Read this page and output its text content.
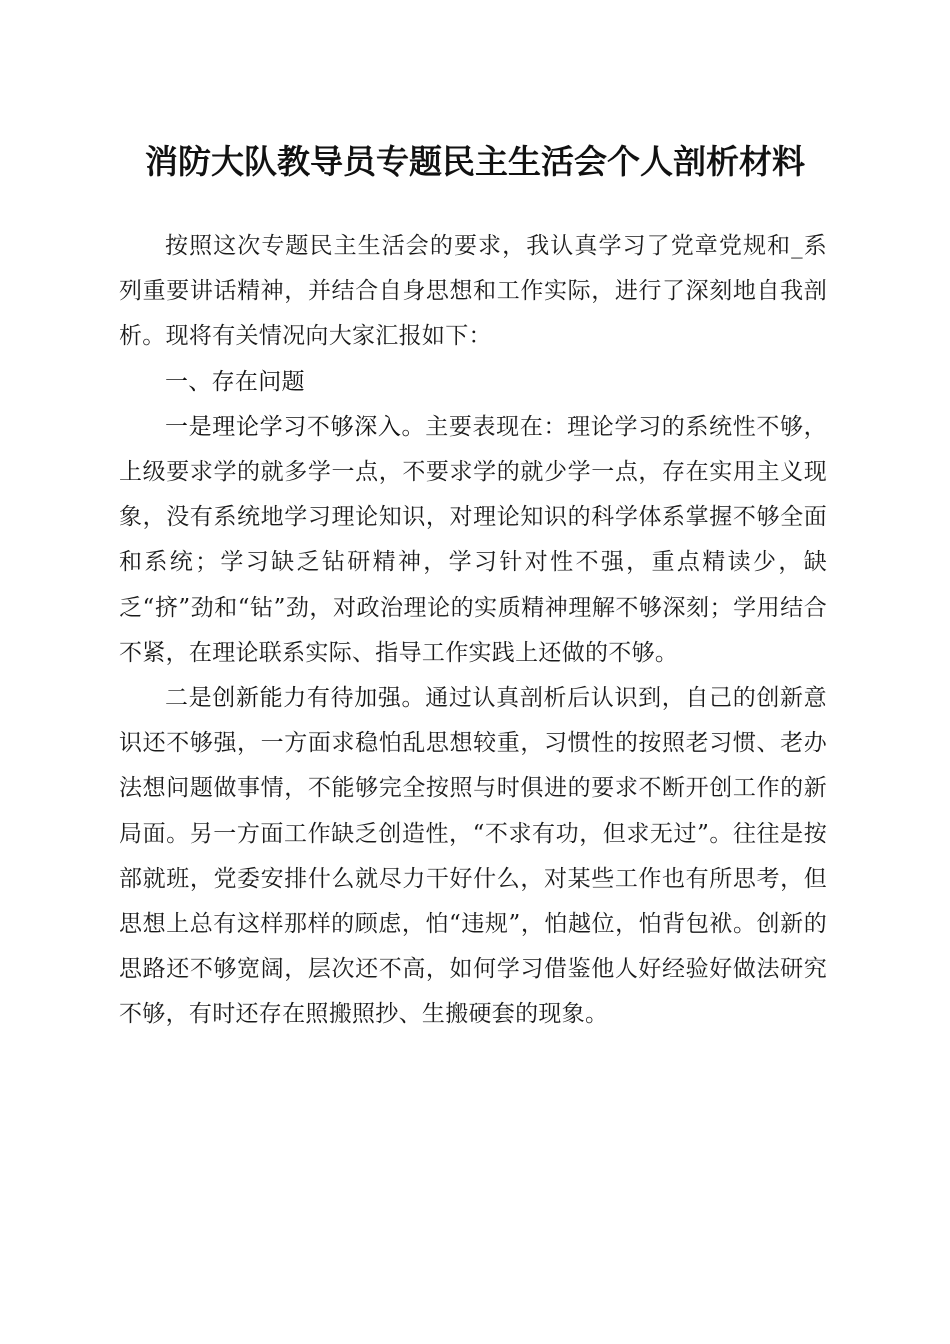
消防大队教导员专题民主生活会个人剖析材料

按照这次专题民主生活会的要求，我认真学习了党章党规和_系列重要讲话精神，并结合自身思想和工作实际，进行了深刻地自我剖析。现将有关情况向大家汇报如下：

一、存在问题

一是理论学习不够深入。主要表现在：理论学习的系统性不够，上级要求学的就多学一点，不要求学的就少学一点，存在实用主义现象，没有系统地学习理论知识，对理论知识的科学体系掌握不够全面和系统；学习缺乏钻研精神，学习针对性不强，重点精读少，缺乏“挤”劲和“钻”劲，对政治理论的实质精神理解不够深刻；学用结合不紧，在理论联系实际、指导工作实践上还做的不够。

二是创新能力有待加强。通过认真剖析后认识到，自己的创新意识还不够强，一方面求稳怕乱思想较重，习惯性的按照老习惯、老办法想问题做事情，不能够完全按照与时俱进的要求不断开创工作的新局面。另一方面工作缺乏创造性，“不求有功，但求无过”。往往是按部就班，党委安排什么就尽力干好什么，对某些工作也有所思考，但思想上总有这样那样的顾虑，怕“违规”，怕越位，怕背包袱。创新的思路还不够宽阔，层次还不高，如何学习借鉴他人好经验好做法研究不够，有时还存在照搬照抄、生搬硬套的现象。
